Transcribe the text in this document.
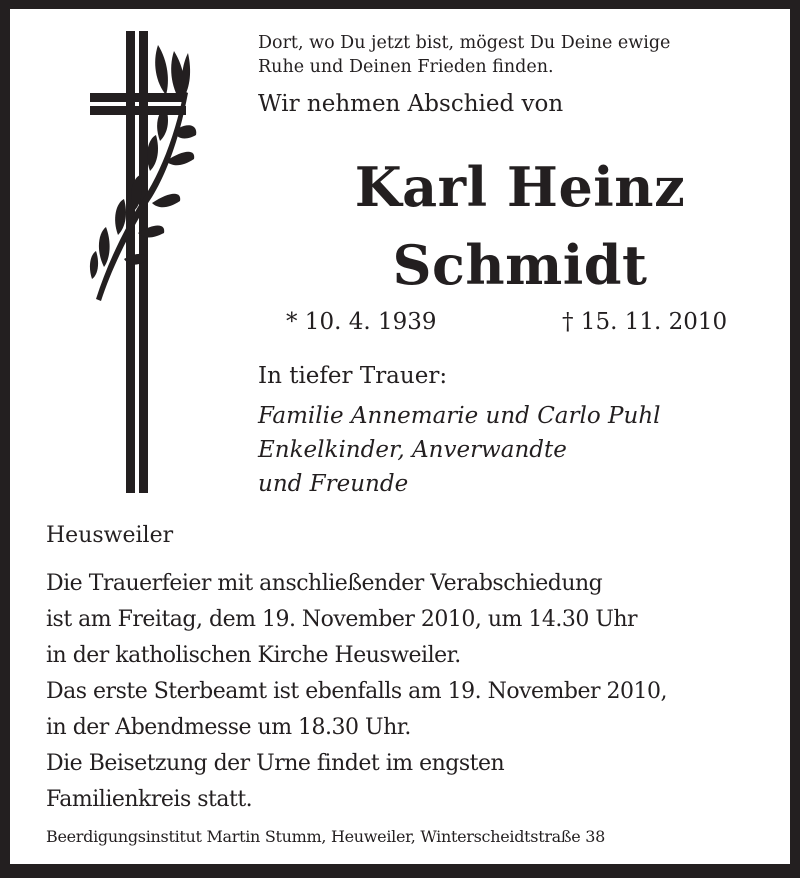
Dort, wo Du jetzt bist, mögest Du Deine ewige
Ruhe und Deinen Frieden finden.
Wir nehmen Abschied von
Karl Heinz
Schmidt
* 10. 4. 1939	† 15. 11. 2010
In tiefer Trauer:
Familie Annemarie und Carlo Puhl
Enkelkinder, Anverwandte
und Freunde
Heusweiler
Die Trauerfeier mit anschließender Verabschiedung
ist am Freitag, dem 19. November 2010, um 14.30 Uhr
in der katholischen Kirche Heusweiler.
Das erste Sterbeamt ist ebenfalls am 19. November 2010,
in der Abendmesse um 18.30 Uhr.
Die Beisetzung der Urne findet im engsten
Familienkreis statt.
Beerdigungsinstitut Martin Stumm, Heuweiler, Winterscheidtstraße 38
